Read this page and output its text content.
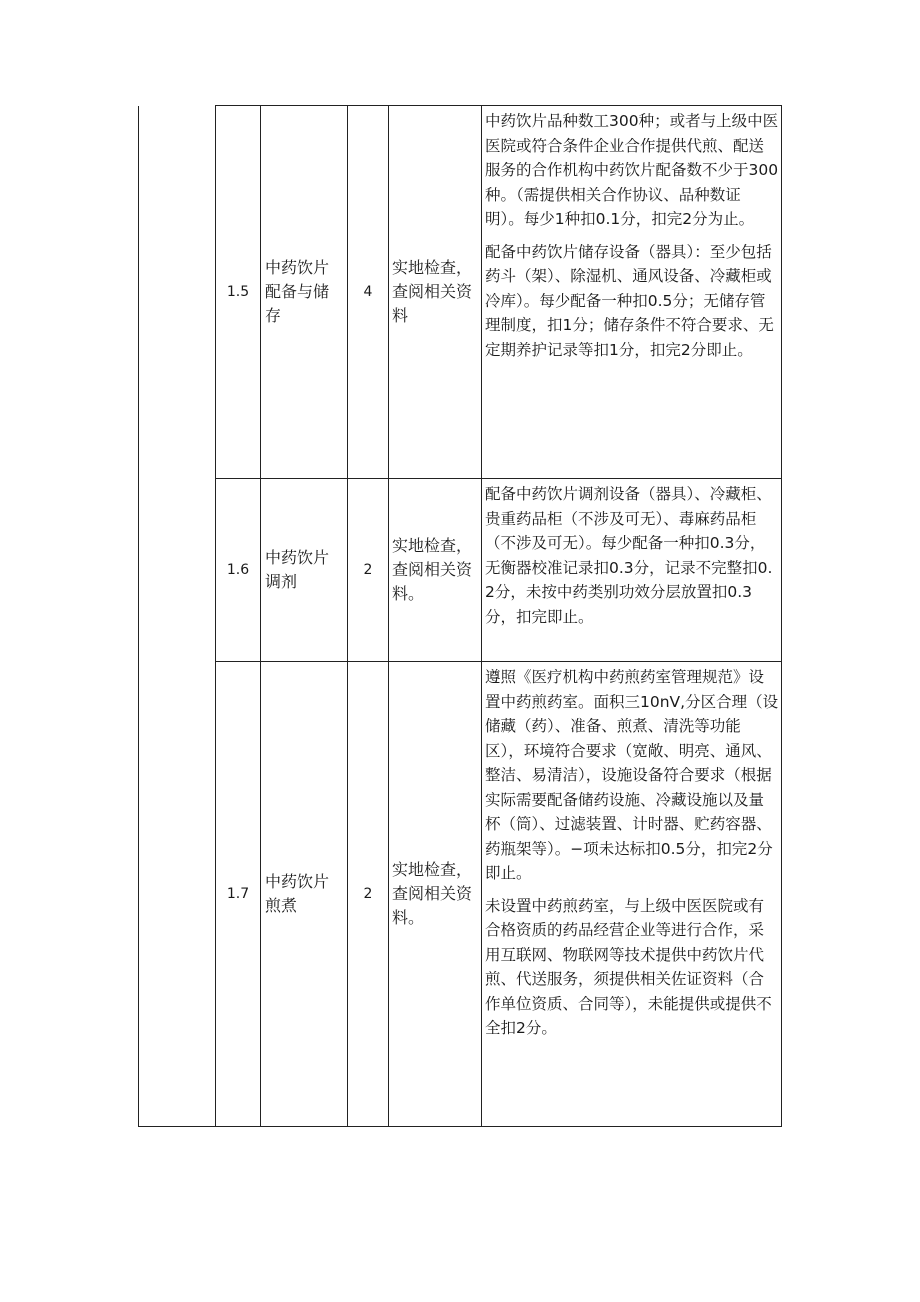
	1.5	中药饮片配备与储存	4	实地检查，查阅相关资料	中药饮片品种数工300种；或者与上级中医医院或符合条件企业合作提供代煎、配送服务的合作机构中药饮片配备数不少于300种。（需提供相关合作协议、品种数证明）。每少1种扣0.1分，扣完2分为止。

配备中药饮片储存设备（器具）：至少包括药斗（架）、除湿机、通风设备、冷藏柜或冷库）。每少配备一种扣0.5分；无储存管理制度，扣1分；储存条件不符合要求、无定期养护记录等扣1分，扣完2分即止。

	1.6	中药饮片调剂	2	实地检查，查阅相关资料。	配备中药饮片调剂设备（器具）、冷藏柜、贵重药品柜（不涉及可无）、毒麻药品柜（不涉及可无）。每少配备一种扣0.3分，无衡器校准记录扣0.3分，记录不完整扣0.2分，未按中药类别功效分层放置扣0.3分，扣完即止。

	1.7	中药饮片煎煮	2	实地检查，查阅相关资料。	遵照《医疗机构中药煎药室管理规范》设置中药煎药室。面积三10nV,分区合理（设储藏（药）、准备、煎煮、清洗等功能区），环境符合要求（宽敞、明亮、通风、整洁、易清洁），设施设备符合要求（根据实际需要配备储药设施、冷藏设施以及量杯（筒）、过滤装置、计时器、贮药容器、药瓶架等）。−项未达标扣0.5分，扣完2分即止。

未设置中药煎药室，与上级中医医院或有合格资质的药品经营企业等进行合作，采用互联网、物联网等技术提供中药饮片代煎、代送服务，须提供相关佐证资料（合作单位资质、合同等），未能提供或提供不全扣2分。
